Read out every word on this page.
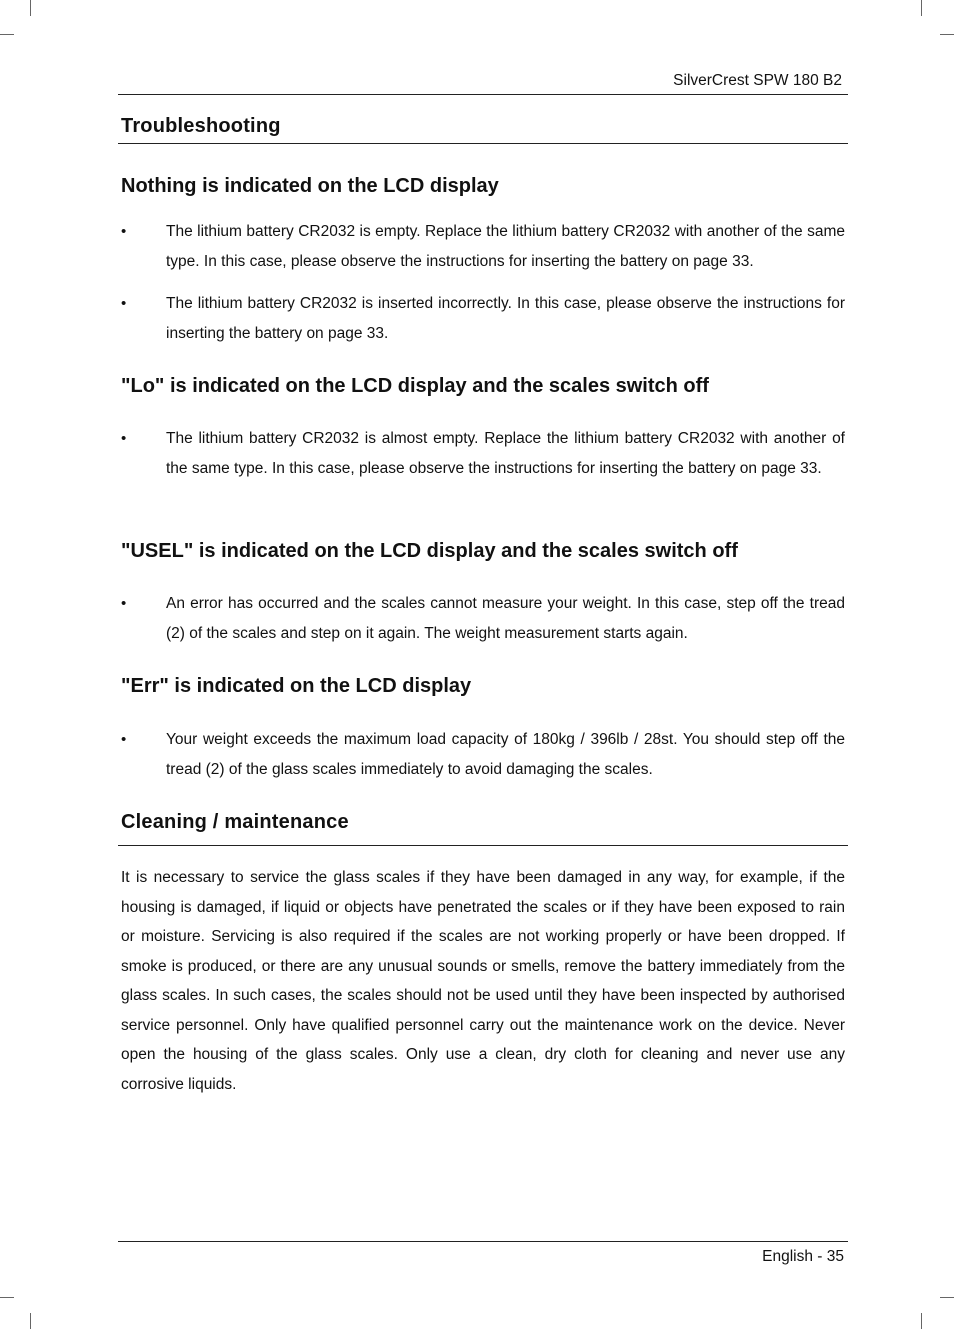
SilverCrest SPW 180 B2
Troubleshooting
Nothing is indicated on the LCD display
•	The lithium battery CR2032 is empty. Replace the lithium battery CR2032 with another of the same type. In this case, please observe the instructions for inserting the battery on page 33.
•	The lithium battery CR2032 is inserted incorrectly. In this case, please observe the instructions for inserting the battery on page 33.
"Lo" is indicated on the LCD display and the scales switch off
•	The lithium battery CR2032 is almost empty. Replace the lithium battery CR2032 with another of the same type. In this case, please observe the instructions for inserting the battery on page 33.
"USEL" is indicated on the LCD display and the scales switch off
•	An error has occurred and the scales cannot measure your weight. In this case, step off the tread (2) of the scales and step on it again. The weight measurement starts again.
"Err" is indicated on the LCD display
•	Your weight exceeds the maximum load capacity of 180kg / 396lb / 28st. You should step off the tread (2) of the glass scales immediately to avoid damaging the scales.
Cleaning / maintenance
It is necessary to service the glass scales if they have been damaged in any way, for example, if the housing is damaged, if liquid or objects have penetrated the scales or if they have been exposed to rain or moisture. Servicing is also required if the scales are not working properly or have been dropped. If smoke is produced, or there are any unusual sounds or smells, remove the battery immediately from the glass scales. In such cases, the scales should not be used until they have been inspected by authorised service personnel. Only have qualified personnel carry out the maintenance work on the device. Never open the housing of the glass scales. Only use a clean, dry cloth for cleaning and never use any corrosive liquids.
English - 35
